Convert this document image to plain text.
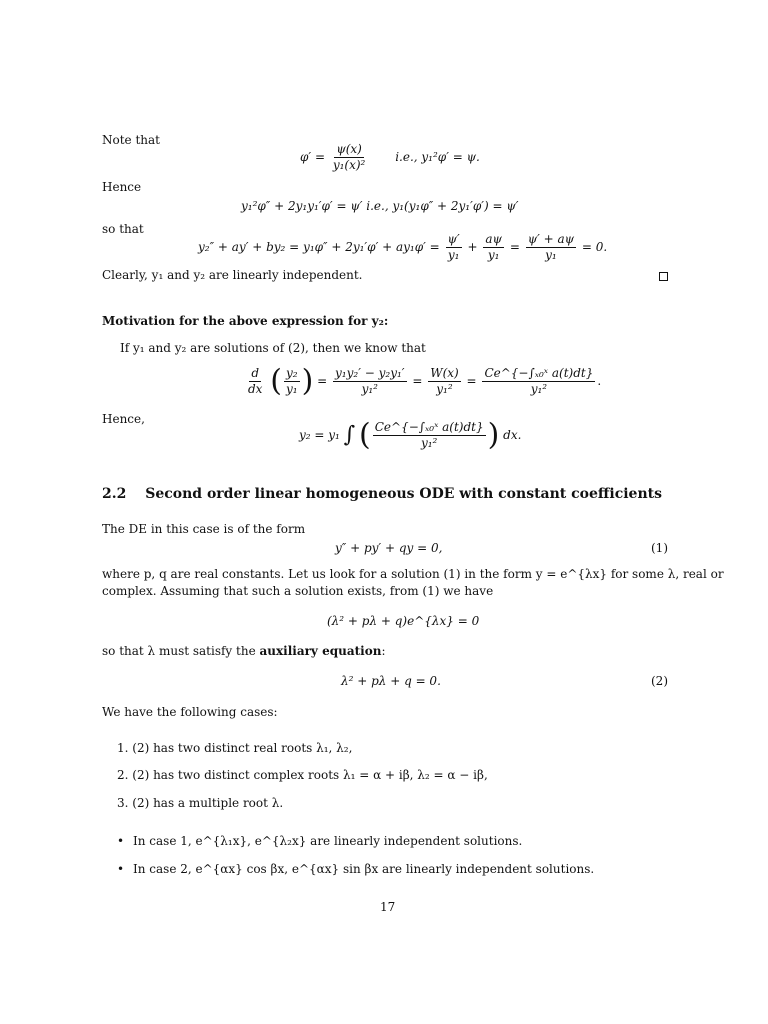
Note that
$\varphi' = \frac{\psi(x)}{\text{y₁(x)²}} i.e$., y₁²φ′ = ψ.
Hence
y₁²φ″ + 2y₁y₁′φ′ = ψ′ i.e., y₁(y₁φ″ + 2y₁′φ′) = ψ′
so that
$y_2'' + ay' + by_2 = y_1\varphi'' + 2y_1'\varphi' + ay_1\varphi' = \frac{\psi'}{\text{y₁}} + \frac{a\psi}{\text{y₁}} = \frac{\psi' + a\psi}{\text{y₁}} = 0$.
Clearly, y₁ and y₂ are linearly independent.
Motivation for the above expression for y₂:
If y₁ and y₂ are solutions of (2), then we know that
$\frac{d}{dx}$ ( $\frac{\text{y₂}}{\text{y₁}}$ ) = $\frac{\text{y₁y₂′ − y₂y₁′}}{\text{y₁²}} = \frac{W(x)}{\text{y₁²}} = \frac{\text{Ce\textasciicircum{}\{−∫ₓ₀ˣ a(t)dt\}}}{\text{y₁²}}$ .
Hence,
y₂ = y₁ ∫ ( $\frac{\text{Ce\textasciicircum{}\{−∫ₓ₀ˣ a(t)dt\}}}{\text{y₁²}}$ ) dx.
2.2 Second order linear homogeneous ODE with constant coefficients
The DE in this case is of the form
y″ + py′ + qy = 0,	(1)
where p, q are real constants. Let us look for a solution (1) in the form y = e^{λx} for some λ, real or
complex. Assuming that such a solution exists, from (1) we have
(λ² + pλ + q)e^{λx} = 0
so that λ must satisfy the auxiliary equation:
λ² + pλ + q = 0.	(2)
We have the following cases:
1. (2) has two distinct real roots λ₁, λ₂,
2. (2) has two distinct complex roots λ₁ = α + iβ, λ₂ = α − iβ,
3. (2) has a multiple root λ.
• In case 1, e^{λ₁x}, e^{λ₂x} are linearly independent solutions.
• In case 2, e^{αx} cos βx, e^{αx} sin βx are linearly independent solutions.
17
